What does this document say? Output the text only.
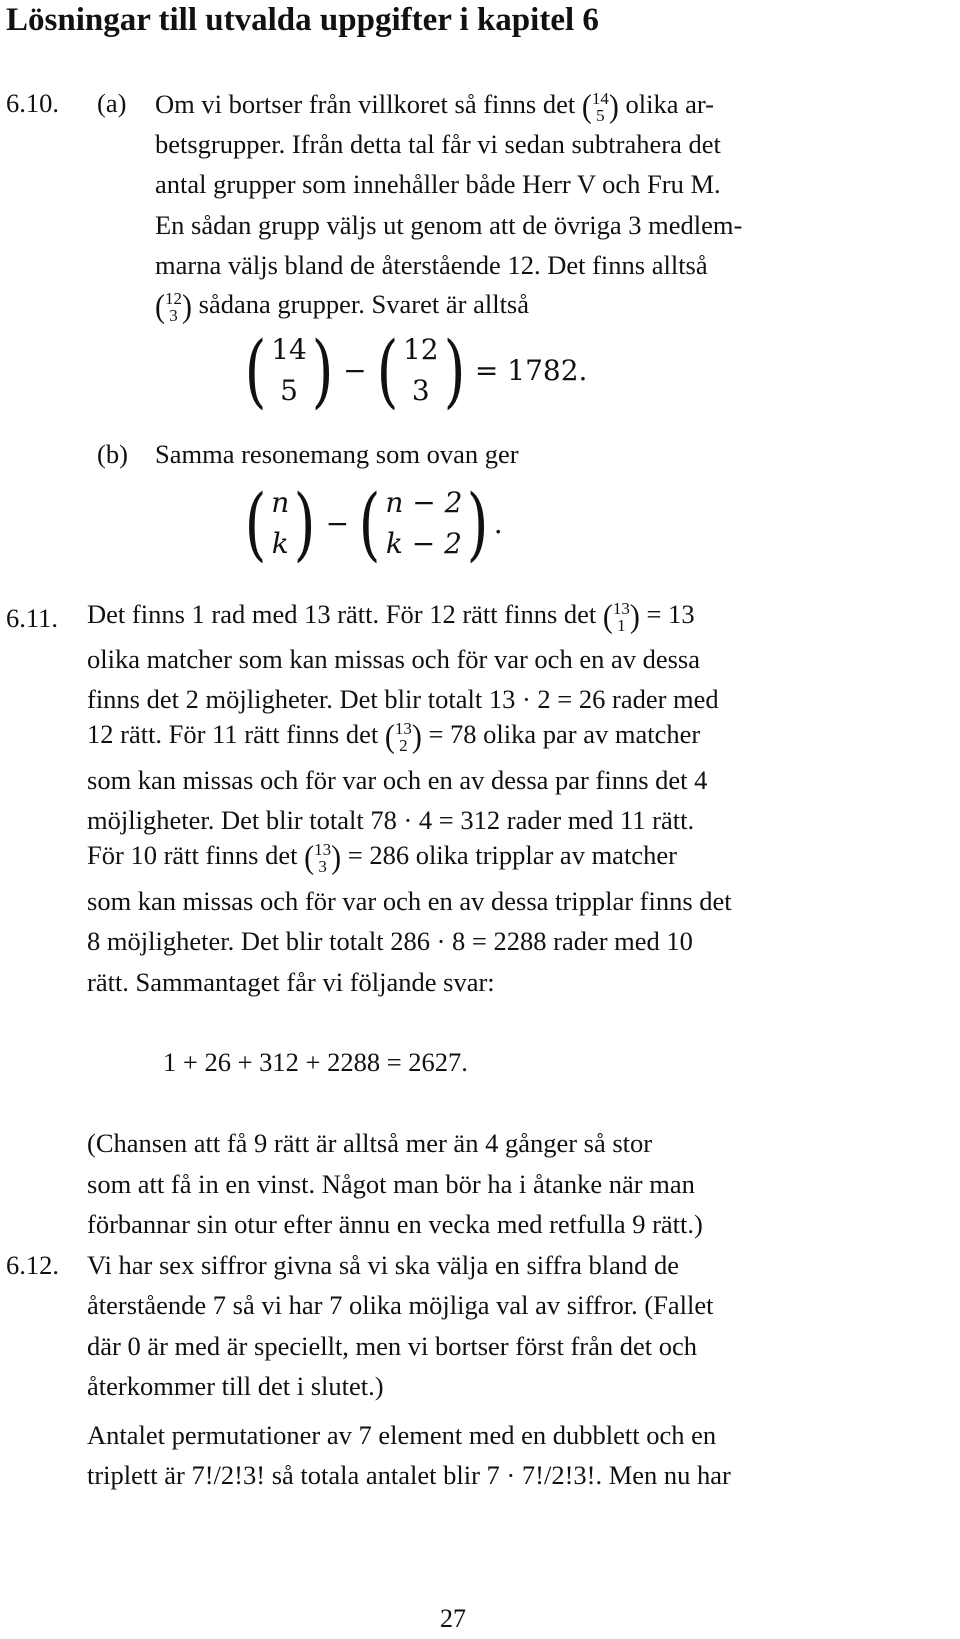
Lösningar till utvalda uppgifter i kapitel 6
6.10. (a) Om vi bortser från villkoret så finns det ( 14
5 ) olika ar-
betsgrupper. Ifrån detta tal får vi sedan subtrahera det
antal grupper som innehåller både Herr V och Fru M.
En sådan grupp väljs ut genom att de övriga 3 medlem-
marna väljs bland de återstående 12. Det finns alltså
( 12
3 ) sådana grupper. Svaret är alltså
( 14
5 ) − ( 12
3 ) = 1782.
(b) Samma resonemang som ovan ger
( n
k ) − ( n − 2
k − 2 ) .
6.11. Det finns 1 rad med 13 rätt. För 12 rätt finns det ( 13
1 ) = 13
olika matcher som kan missas och för var och en av dessa
finns det 2 möjligheter. Det blir totalt 13 · 2 = 26 rader med
12 rätt. För 11 rätt finns det ( 13
2 ) = 78 olika par av matcher
som kan missas och för var och en av dessa par finns det 4
möjligheter. Det blir totalt 78 · 4 = 312 rader med 11 rätt.
För 10 rätt finns det ( 13
3 ) = 286 olika tripplar av matcher
som kan missas och för var och en av dessa tripplar finns det
8 möjligheter. Det blir totalt 286 · 8 = 2288 rader med 10
rätt. Sammantaget får vi följande svar:
1 + 26 + 312 + 2288 = 2627.
(Chansen att få 9 rätt är alltså mer än 4 gånger så stor
som att få in en vinst. Något man bör ha i åtanke när man
förbannar sin otur efter ännu en vecka med retfulla 9 rätt.)
6.12. Vi har sex siffror givna så vi ska välja en siffra bland de
återstående 7 så vi har 7 olika möjliga val av siffror. (Fallet
där 0 är med är speciellt, men vi bortser först från det och
återkommer till det i slutet.)
Antalet permutationer av 7 element med en dubblett och en
triplett är 7!/2!3! så totala antalet blir 7 · 7!/2!3!. Men nu har
27
